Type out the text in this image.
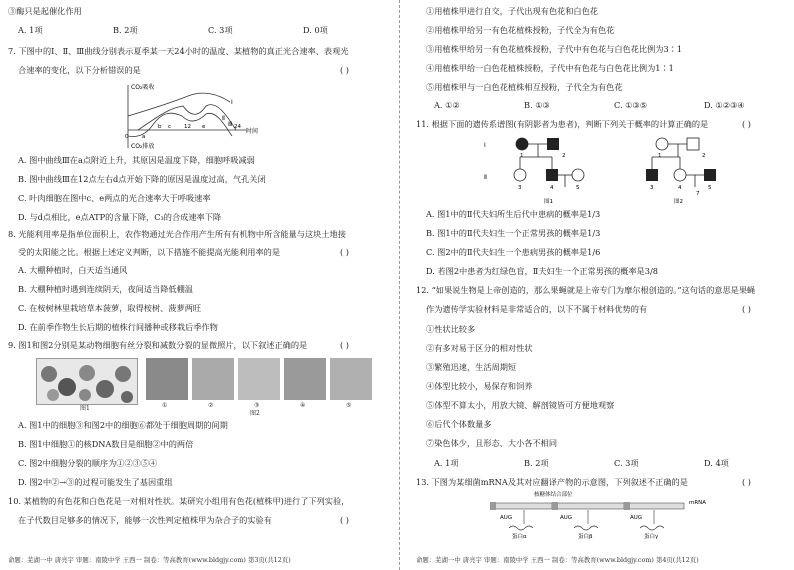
③酶只是起催化作用
A. 1项	B. 2项	C. 3项	D. 0项
7. 下图中的Ⅰ、Ⅱ、Ⅲ曲线分别表示夏季某一天24小时的温度、某植物的真正光合速率、表观光
合速率的变化，以下分析错误的是	( )
CO₂吸收
CO₂排放
时间
Ⅰ
Ⅱ
Ⅲ
0 a
b c 12 e	24
A. 图中曲线Ⅲ在a点附近上升，其原因是温度下降，细胞呼吸减弱
B. 图中曲线Ⅲ在12点左右d点开始下降的原因是温度过高，气孔关闭
C. 叶肉细胞在图中c、e两点的光合速率大于呼吸速率
D. 与d点相比，e点ATP的含量下降，C₃的合成速率下降
8. 光能利用率是指单位面积上，农作物通过光合作用产生所有有机物中所含能量与这块土地接
受的太阳能之比。根据上述定义判断，以下措施不能提高光能利用率的是	( )
A. 大棚种植时，白天适当通风
B. 大棚种植时遇到连续阴天，夜间适当降低棚温
C. 在桉树林里栽培草本菠萝，取得桉树、菠萝两旺
D. 在前季作物生长后期的植株行间播种或移栽后季作物
9. 图1和图2分别是某动物细胞有丝分裂和减数分裂的显微照片，以下叙述正确的是	( )
图1	①	②	③	④	⑤
图2
A. 图1中的细胞③和图2中的细胞⑥都处于细胞周期的间期
B. 图1中细胞①的核DNA数目是细胞②中的两倍
C. 图2中细胞分裂的顺序为①②③⑤④
D. 图2中②→③的过程可能发生了基因重组
10. 某植物的有色花和白色花是一对相对性状。某研究小组用有色花(植株甲)进行了下列实验，
在子代数目足够多的情况下，能够一次性判定植株甲为杂合子的实验有	( )
命题：芜湖一中 唐亮宇 审题：南陵中学 王西一 制卷：等高教育(www.bldgjy.com) 第3页(共12页)
①用植株甲进行自交，子代出现有色花和白色花
②用植株甲给另一有色花植株授粉，子代全为有色花
③用植株甲给另一有色花植株授粉，子代中有色花与白色花比例为3∶1
④用植株甲给一白色花植株授粉，子代中有色花与白色花比例为1∶1
⑤用植株甲与一白色花植株相互授粉，子代全为有色花
A. ①②	B. ①③	C. ①③⑤	D. ①②③④
11. 根据下面的遗传系谱图(有阴影者为患者)，判断下列关于概率的计算正确的是	( )
Ⅰ
Ⅱ
1	2
3	4	5
图1
1	2
3	4	5
7
图2
A. 图1中的Ⅱ代夫妇所生后代中患病的概率是1/3
B. 图1中的Ⅱ代夫妇生一个正常男孩的概率是1/3
C. 图2中的Ⅱ代夫妇生一个患病男孩的概率是1/6
D. 若图2中患者为红绿色盲，Ⅱ夫妇生一个正常男孩的概率是3/8
12. “如果说生物是上帝创造的，那么果蝇就是上帝专门为摩尔根创造的。”这句话的意思是果蝇
作为遗传学实验材料是非常适合的，以下不属于材料优势的有	( )
①性状比较多
②有多对易于区分的相对性状
③繁殖迅速，生活周期短
④体型比较小，易保存和饲养
⑤体型不算太小，用放大镜、解剖镜皆可方便地观察
⑥后代个体数量多
⑦染色体少，且形态、大小各不相同
A. 1项	B. 2项	C. 3项	D. 4项
13. 下图为某细菌mRNA及其对应翻译产物的示意图，下列叙述不正确的是	( )
核糖体结合部位
mRNA
AUG	AUG	AUG
蛋白α	蛋白β	蛋白γ
命题：芜湖一中 唐亮宇 审题：南陵中学 王西一 制卷：等高教育(www.bldgjy.com) 第4页(共12页)
